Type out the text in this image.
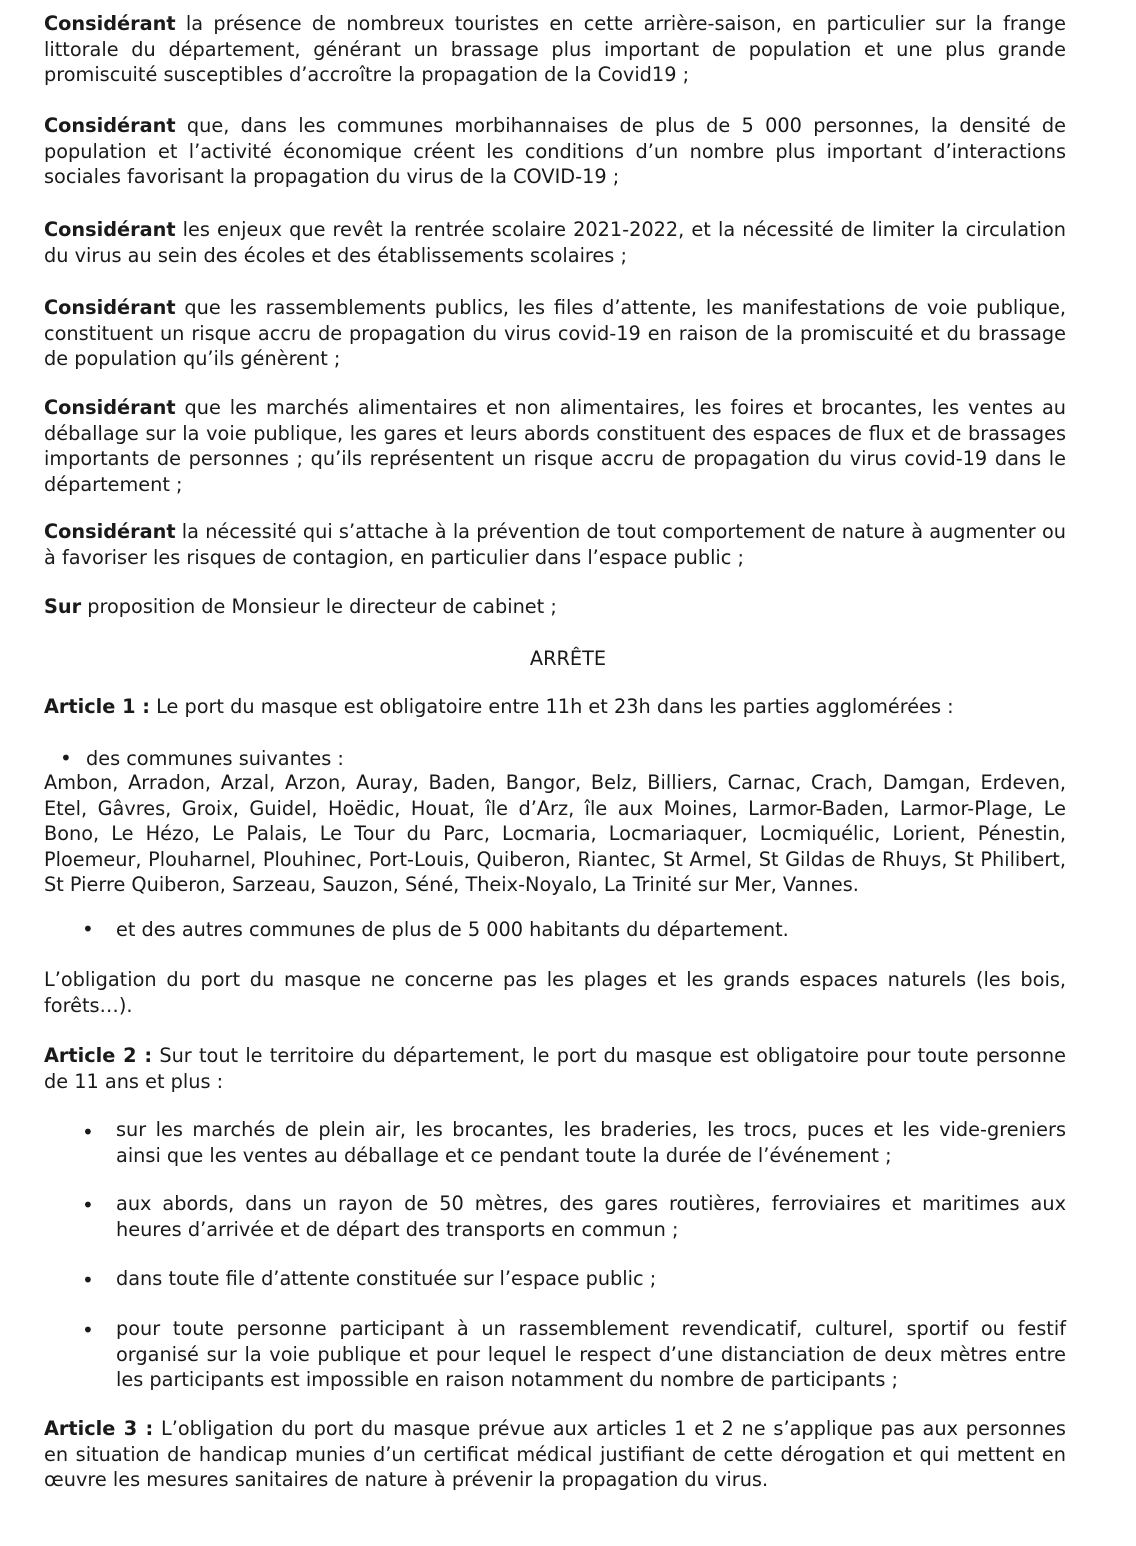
Considérant la présence de nombreux touristes en cette arrière-saison, en particulier sur la frange littorale du département, générant un brassage plus important de population et une plus grande promiscuité susceptibles d’accroître la propagation de la Covid19 ;

Considérant que, dans les communes morbihannaises de plus de 5 000 personnes, la densité de population et l’activité économique créent les conditions d’un nombre plus important d’interactions sociales favorisant la propagation du virus de la COVID-19 ;

Considérant les enjeux que revêt la rentrée scolaire 2021-2022, et la nécessité de limiter la circulation du virus au sein des écoles et des établissements scolaires ;

Considérant que les rassemblements publics, les files d’attente, les manifestations de voie publique, constituent un risque accru de propagation du virus covid-19 en raison de la promiscuité et du brassage de population qu’ils génèrent ;

Considérant que les marchés alimentaires et non alimentaires, les foires et brocantes, les ventes au déballage sur la voie publique, les gares et leurs abords constituent des espaces de flux et de brassages importants de personnes ; qu’ils représentent un risque accru de propagation du virus covid-19 dans le département ;

Considérant la nécessité qui s’attache à la prévention de tout comportement de nature à augmenter ou à favoriser les risques de contagion, en particulier dans l’espace public ;

Sur proposition de Monsieur le directeur de cabinet ;

ARRÊTE

Article 1 : Le port du masque est obligatoire entre 11h et 23h dans les parties agglomérées :

• des communes suivantes :

Ambon, Arradon, Arzal, Arzon, Auray, Baden, Bangor, Belz, Billiers, Carnac, Crach, Damgan, Erdeven, Etel, Gâvres, Groix, Guidel, Hoëdic, Houat, île d’Arz, île aux Moines, Larmor-Baden, Larmor-Plage, Le Bono, Le Hézo, Le Palais, Le Tour du Parc, Locmaria, Locmariaquer, Locmiquélic, Lorient, Pénestin, Ploemeur, Plouharnel, Plouhinec, Port-Louis, Quiberon, Riantec, St Armel, St Gildas de Rhuys, St Philibert, St Pierre Quiberon, Sarzeau, Sauzon, Séné, Theix-Noyalo, La Trinité sur Mer, Vannes.

• et des autres communes de plus de 5 000 habitants du département.

L’obligation du port du masque ne concerne pas les plages et les grands espaces naturels (les bois, forêts…).

Article 2 : Sur tout le territoire du département, le port du masque est obligatoire pour toute personne de 11 ans et plus :

• sur les marchés de plein air, les brocantes, les braderies, les trocs, puces et les vide-greniers ainsi que les ventes au déballage et ce pendant toute la durée de l’événement ;

• aux abords, dans un rayon de 50 mètres, des gares routières, ferroviaires et maritimes aux heures d’arrivée et de départ des transports en commun ;

• dans toute file d’attente constituée sur l’espace public ;

• pour toute personne participant à un rassemblement revendicatif, culturel, sportif ou festif organisé sur la voie publique et pour lequel le respect d’une distanciation de deux mètres entre les participants est impossible en raison notamment du nombre de participants ;

Article 3 : L’obligation du port du masque prévue aux articles 1 et 2 ne s’applique pas aux personnes en situation de handicap munies d’un certificat médical justifiant de cette dérogation et qui mettent en œuvre les mesures sanitaires de nature à prévenir la propagation du virus.
